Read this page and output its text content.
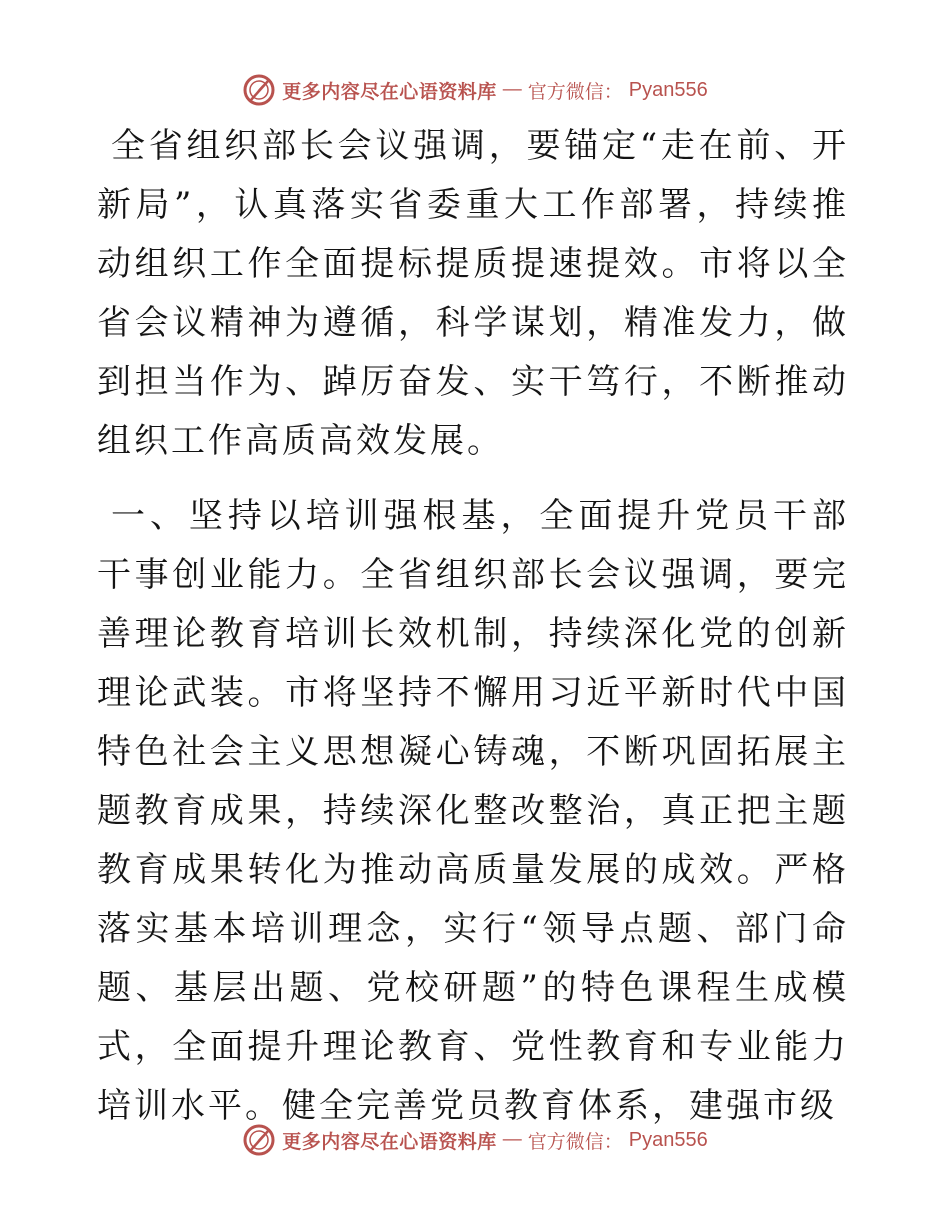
更多内容尽在心语资料库 — 官方微信： Pyan556

全省组织部长会议强调，要锚定“走在前、开新局”，认真落实省委重大工作部署，持续推动组织工作全面提标提质提速提效。市将以全省会议精神为遵循，科学谋划，精准发力，做到担当作为、踔厉奋发、实干笃行，不断推动组织工作高质高效发展。

一、坚持以培训强根基，全面提升党员干部干事创业能力。全省组织部长会议强调，要完善理论教育培训长效机制，持续深化党的创新理论武装。市将坚持不懈用习近平新时代中国特色社会主义思想凝心铸魂，不断巩固拓展主题教育成果，持续深化整改整治，真正把主题教育成果转化为推动高质量发展的成效。严格落实基本培训理念，实行“领导点题、部门命题、基层出题、党校研题”的特色课程生成模式，全面提升理论教育、党性教育和专业能力培训水平。健全完善党员教育体系，建强市级

更多内容尽在心语资料库 — 官方微信： Pyan556
